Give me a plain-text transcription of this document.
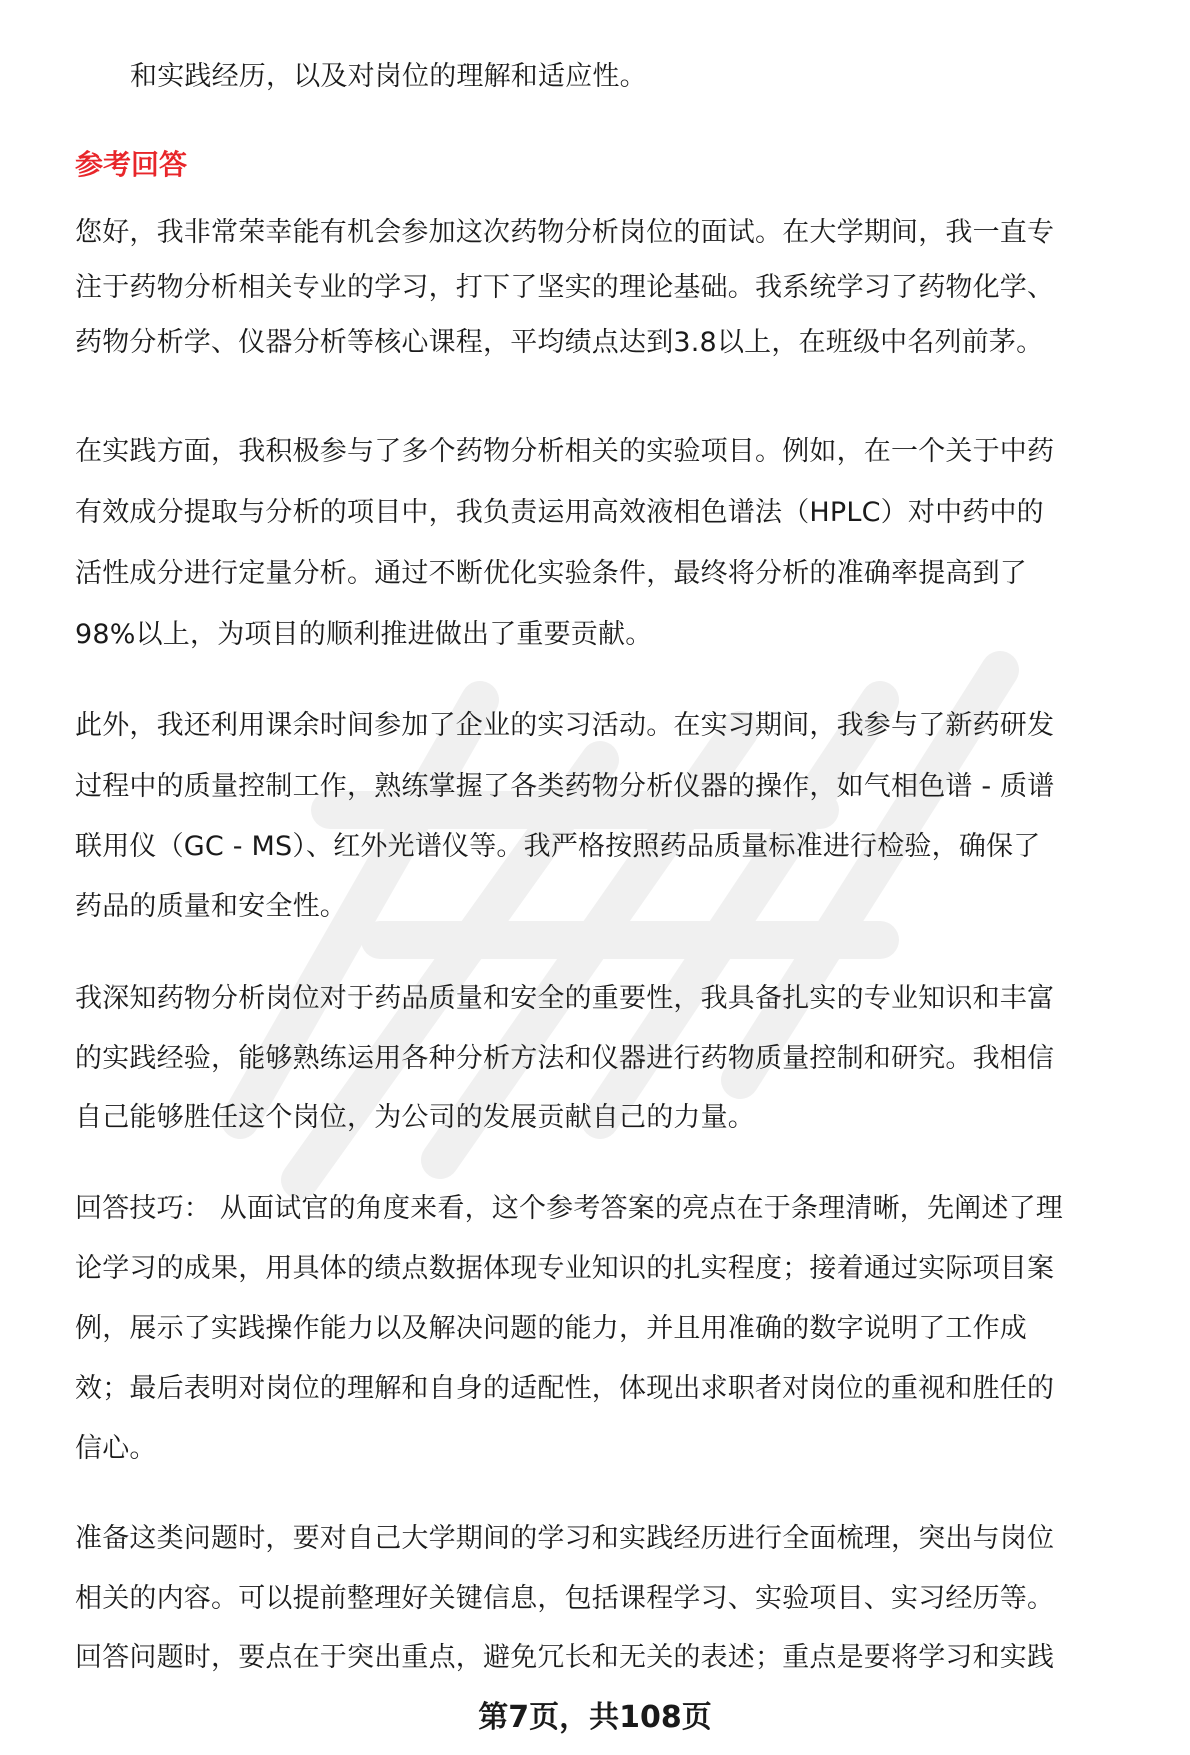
和实践经历，以及对岗位的理解和适应性。

参考回答

您好，我非常荣幸能有机会参加这次药物分析岗位的面试。在大学期间，我一直专

注于药物分析相关专业的学习，打下了坚实的理论基础。我系统学习了药物化学、

药物分析学、仪器分析等核心课程，平均绩点达到3.8以上，在班级中名列前茅。

在实践方面，我积极参与了多个药物分析相关的实验项目。例如，在一个关于中药

有效成分提取与分析的项目中，我负责运用高效液相色谱法（HPLC）对中药中的

活性成分进行定量分析。通过不断优化实验条件，最终将分析的准确率提高到了

98%以上，为项目的顺利推进做出了重要贡献。

此外，我还利用课余时间参加了企业的实习活动。在实习期间，我参与了新药研发

过程中的质量控制工作，熟练掌握了各类药物分析仪器的操作，如气相色谱 - 质谱

联用仪（GC - MS）、红外光谱仪等。我严格按照药品质量标准进行检验，确保了

药品的质量和安全性。

我深知药物分析岗位对于药品质量和安全的重要性，我具备扎实的专业知识和丰富

的实践经验，能够熟练运用各种分析方法和仪器进行药物质量控制和研究。我相信

自己能够胜任这个岗位，为公司的发展贡献自己的力量。

回答技巧： 从面试官的角度来看，这个参考答案的亮点在于条理清晰，先阐述了理

论学习的成果，用具体的绩点数据体现专业知识的扎实程度；接着通过实际项目案

例，展示了实践操作能力以及解决问题的能力，并且用准确的数字说明了工作成

效；最后表明对岗位的理解和自身的适配性，体现出求职者对岗位的重视和胜任的

信心。

准备这类问题时，要对自己大学期间的学习和实践经历进行全面梳理，突出与岗位

相关的内容。可以提前整理好关键信息，包括课程学习、实验项目、实习经历等。

回答问题时，要点在于突出重点，避免冗长和无关的表述；重点是要将学习和实践

第7页，共108页
